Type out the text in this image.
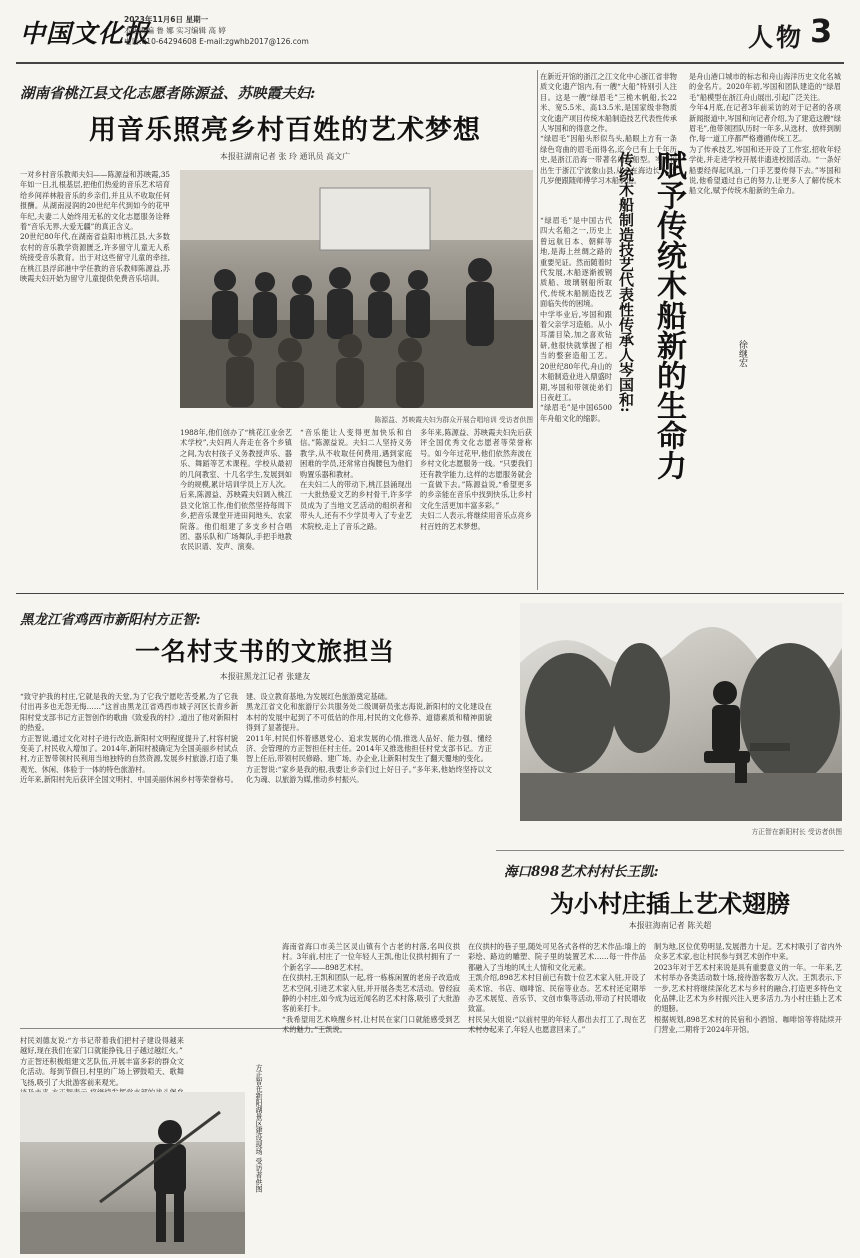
中国文化报
2023年11月6日 星期一
本版责编 鲁 娜 实习编辑 高 婷
电话:010-64294608 E-mail:zgwhb2017@126.com	人物 3
湖南省桃江县文化志愿者陈源益、苏映霞夫妇:
用音乐照亮乡村百姓的艺术梦想
本报驻湖南记者 张 玲 通讯员 高文广
一对乡村音乐教师夫妇——陈源益和苏映霞,35年如一日,扎根基层,把他们热爱的音乐艺术培育给乡间祥林般音乐的乡亲们,并且从不收取任何报酬。从湖南浸润的20世纪年代到如今的花甲年纪,夫妻二人始终用无私的文化志愿服务诠释着“音乐无界,大爱无疆”的真正含义。
20世纪80年代,在湖南省益阳市桃江县,大多数农村的音乐教学资源匮乏,许多留守儿童无人系统接受音乐教育。出于对这些留守儿童的牵挂,在桃江县浮邱港中学任教的音乐教师陈源益,苏映霞夫妇开始为留守儿童提供免费音乐培训。
陈源益、苏映霞夫妇为群众开展合唱培训 受访者供图
1988年,他们创办了“桃花江业余艺术学校”,夫妇两人奔走在各个乡镇之间,为农村孩子义务教授声乐、器乐、舞蹈等艺术课程。学校从最初的几间教室、十几名学生,发展到如今的规模,累计培训学员上万人次。
后来,陈源益、苏映霞夫妇调入桃江县文化馆工作,他们依然坚持每周下乡,把音乐课堂开进田间地头、农家院落。他们组建了多支乡村合唱团、器乐队和广场舞队,手把手地教农民识谱、发声、演奏。
“音乐能让人变得更加快乐和自信。”陈源益说。夫妇二人坚持义务教学,从不收取任何费用,遇到家庭困难的学员,还常常自掏腰包为他们购置乐器和教材。
在夫妇二人的带动下,桃江县涌现出一大批热爱文艺的乡村骨干,许多学员成为了当地文艺活动的组织者和带头人,还有不少学员考入了专业艺术院校,走上了音乐之路。
多年来,陈源益、苏映霞夫妇先后获评全国优秀文化志愿者等荣誉称号。如今年过花甲,他们依然奔波在乡村文化志愿服务一线。“只要我们还有教学能力,这样的志愿服务就会一直做下去。”陈源益说,“希望更多的乡亲能在音乐中找到快乐,让乡村文化生活更加丰富多彩。”
夫妇二人表示,将继续用音乐点亮乡村百姓的艺术梦想。
在新近开馆的浙江之江文化中心浙江省非物质文化遗产馆内,有一艘“大船”特别引人注目。这是一艘“绿眉毛”三桅木帆船,长22米、宽5.5米、高13.5米,是国家级非物质文化遗产项目传统木船制造技艺代表性传承人岑国和的得意之作。
“绿眉毛”因船头形似鸟头,船眼上方有一条绿色弯曲的眉毛而得名,迄今已有上千年历史,是浙江沿海一带著名的古船型。岑国和出生于浙江宁波象山县,从小在海边长大,十几岁便跟随师傅学习木船制造。
传统木船制造技艺代表性传承人岑国和: 赋予传统木船新的生命力	徐继宏
“绿眉毛”是中国古代四大名船之一,历史上曾远航日本、朝鲜等地,是海上丝绸之路的重要见证。然而随着时代发展,木船逐渐被钢质船、玻璃钢船所取代,传统木船制造技艺面临失传的困境。
中学毕业后,岑国和跟着父亲学习造船。从小耳濡目染,加之喜欢钻研,他很快就掌握了相当的整套造船工艺。20世纪80年代,舟山的木船制造业进入鼎盛时期,岑国和带领徒弟们日夜赶工。
“绿眉毛”是中国6500年舟船文化的缩影。
是舟山港口城市的标志和舟山海洋历史文化名城的金名片。2020年初,岑国和团队建造的“绿眉毛”船模型在浙江舟山展出,引起广泛关注。
今年4月底,在记者3年前采访的对于记者的各项新闻报道中,岑国和向记者介绍,为了建造这艘“绿眉毛”,他带领团队历时一年多,从选材、放样到制作,每一道工序都严格遵循传统工艺。
为了传承技艺,岑国和还开设了工作室,招收年轻学徒,并走进学校开展非遗进校园活动。“一条好船要经得起风浪,一门手艺要传得下去。”岑国和说,他希望通过自己的努力,让更多人了解传统木船文化,赋予传统木船新的生命力。
黑龙江省鸡西市新阳村方正智:
一名村支书的文旅担当
本报驻黑龙江记者 张建友
“致守护我的村庄,它就是我的天堂,为了它我宁愿吃苦受累,为了它我付出再多也无怨无悔……”这首由黑龙江省鸡西市城子河区长青乡新阳村党支部书记方正智创作的歌曲《致爱我的村》,道出了他对新阳村的热爱。
方正智说,通过文化对村子进行改造,新阳村文明程度提升了,村容村貌变美了,村民收入增加了。2014年,新阳村被确定为全国美丽乡村试点村,方正智带领村民利用当地独特的自然资源,发展乡村旅游,打造了集观光、休闲、体验于一体的特色旅游村。
近年来,新阳村先后获评全国文明村、中国美丽休闲乡村等荣誉称号。
建、设立教育基地,为发展红色旅游奠定基础。
黑龙江省文化和旅游厅公共服务处二级调研员张志海说,新阳村的文化建设在本村的发展中起到了不可低估的作用,村民的文化修养、道德素质和精神面貌得到了显著提升。
2011年,村民们怀着感恩党心、追求发展的心情,推选人品好、能力强、懂经济、会管理的方正智担任村主任。2014年又推选他担任村党支部书记。方正智上任后,带领村民修路、建广场、办企业,让新阳村发生了翻天覆地的变化。
方正智说:“家乡是我的根,我要让乡亲们过上好日子。”多年来,他始终坚持以文化为魂、以旅游为媒,推动乡村振兴。
方正智在新阳村长 受访者供图
村民刘德友说:“方书记带着我们把村子建设得越来越好,现在我们在家门口就能挣钱,日子越过越红火。”
方正智还积极组建文艺队伍,开展丰富多彩的群众文化活动。每到节假日,村里的广场上锣鼓喧天、歌舞飞扬,吸引了大批游客前来观光。	方正智在新阳湖景区建设现场 受访者供图
海口898艺术村村长王凯:
为小村庄插上艺术翅膀
本报驻海南记者 陈关超
海南省海口市美兰区灵山镇有个古老的村落,名叫仪拱村。3年前,村庄了一位年轻人王凯,他让仪拱村拥有了一个新名字——898艺术村。
在仪拱村,王凯和团队一起,将一栋栋闲置的老房子改造成艺术空间,引进艺术家入驻,并开展各类艺术活动。曾经寂静的小村庄,如今成为远近闻名的艺术村落,吸引了大批游客前来打卡。
“我希望用艺术唤醒乡村,让村民在家门口就能感受到艺术的魅力。”王凯说。
在仪拱村的巷子里,随处可见各式各样的艺术作品:墙上的彩绘、路边的雕塑、院子里的装置艺术……每一件作品都融入了当地的风土人情和文化元素。
王凯介绍,898艺术村目前已有数十位艺术家入驻,开设了美术馆、书店、咖啡馆、民宿等业态。艺术村还定期举办艺术展览、音乐节、文创市集等活动,带动了村民增收致富。
村民吴大姐说:“以前村里的年轻人都出去打工了,现在艺术村办起来了,年轻人也愿意回来了。”
制为地,区位优势明显,发展潜力十足。艺术村吸引了省内外众多艺术家,也让村民参与到艺术创作中来。
2023年对于艺术村来说是具有重要意义的一年。一年来,艺术村举办各类活动数十场,接待游客数万人次。王凯表示,下一步,艺术村将继续深化艺术与乡村的融合,打造更多特色文化品牌,让艺术为乡村振兴注入更多活力,为小村庄插上艺术的翅膀。
根据规划,898艺术村的民宿和小酒馆、咖啡馆等将陆续开门营业,二期将于2024年开馆。
